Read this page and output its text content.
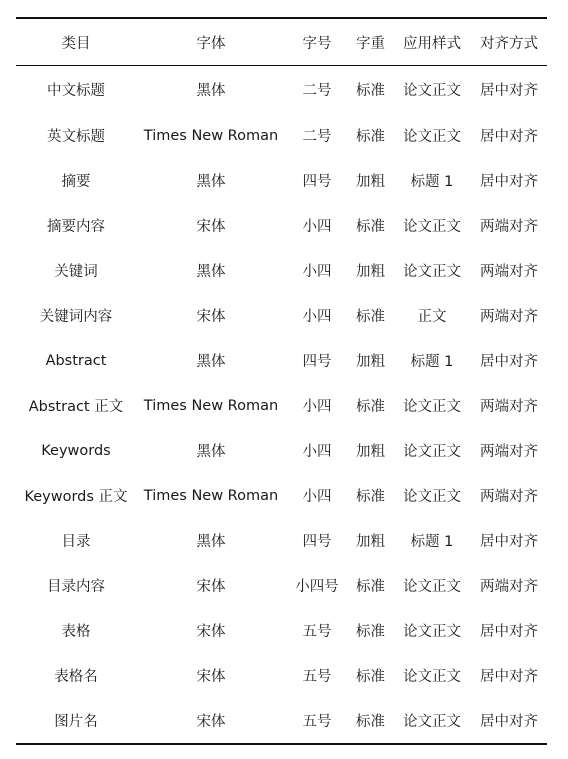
类目	字体	字号	字重	应用样式	对齐方式
中文标题	黑体	二号	标准	论文正文	居中对齐
英文标题	Times New Roman	二号	标准	论文正文	居中对齐
摘要	黑体	四号	加粗	标题 1	居中对齐
摘要内容	宋体	小四	标准	论文正文	两端对齐
关键词	黑体	小四	加粗	论文正文	两端对齐
关键词内容	宋体	小四	标准	正文	两端对齐
Abstract	黑体	四号	加粗	标题 1	居中对齐
Abstract 正文	Times New Roman	小四	标准	论文正文	两端对齐
Keywords	黑体	小四	加粗	论文正文	两端对齐
Keywords 正文	Times New Roman	小四	标准	论文正文	两端对齐
目录	黑体	四号	加粗	标题 1	居中对齐
目录内容	宋体	小四号	标准	论文正文	两端对齐
表格	宋体	五号	标准	论文正文	居中对齐
表格名	宋体	五号	标准	论文正文	居中对齐
图片名	宋体	五号	标准	论文正文	居中对齐
